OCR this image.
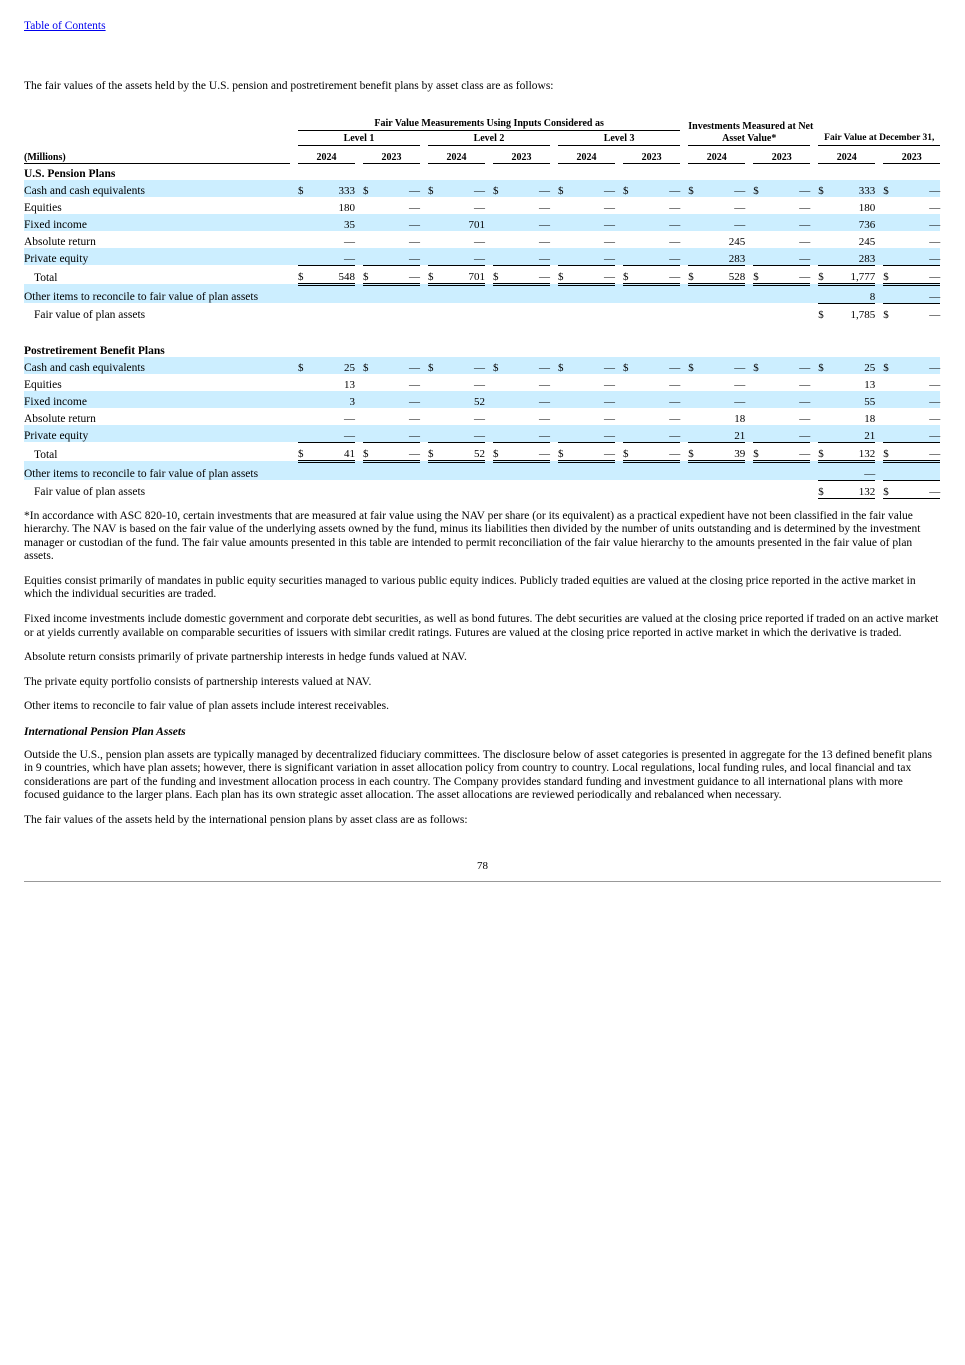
Table of Contents

The fair values of the assets held by the U.S. pension and postretirement benefit plans by asset class are as follows:

		Fair Value Measurements Using Inputs Considered as																		Investments Measured at Net
Asset Value*						Fair Value at December 31,				
		Level 1						Level 2						Level 3																
(Millions)		2024			2023			2024			2023			2024			2023			2024			2023			2024			2023	
U.S. Pension Plans																														
Cash and cash equivalents		$	333		$	—		$	—		$	—		$	—		$	—		$	—		$	—		$	333		$	—
Equities			180			—			—			—			—			—			—			—			180			—
Fixed income			35			—			701			—			—			—			—			—			736			—
Absolute return			—			—			—			—			—			—			245			—			245			—
Private equity			—			—			—			—			—			—			283			—			283			—
Total		$	548		$	—		$	701		$	—		$	—		$	—		$	528		$	—		$	1,777		$	—
Other items to reconcile to fair value of plan assets																											8			—
Fair value of plan assets																										$	1,785		$	—

Postretirement Benefit Plans																														
Cash and cash equivalents		$	25		$	—		$	—		$	—		$	—		$	—		$	—		$	—		$	25		$	—
Equities			13			—			—			—			—			—			—			—			13			—
Fixed income			3			—			52			—			—			—			—			—			55			—
Absolute return			—			—			—			—			—			—			18			—			18			—
Private equity			—			—			—			—			—			—			21			—			21			—
Total		$	41		$	—		$	52		$	—		$	—		$	—		$	39		$	—		$	132		$	—
Other items to reconcile to fair value of plan assets																											—			
Fair value of plan assets																										$	132		$	—

*In accordance with ASC 820-10, certain investments that are measured at fair value using the NAV per share (or its equivalent) as a practical expedient have not been classified in the fair value hierarchy. The NAV is based on the fair value of the underlying assets owned by the fund, minus its liabilities then divided by the number of units outstanding and is determined by the investment manager or custodian of the fund. The fair value amounts presented in this table are intended to permit reconciliation of the fair value hierarchy to the amounts presented in the fair value of plan assets.

Equities consist primarily of mandates in public equity securities managed to various public equity indices. Publicly traded equities are valued at the closing price reported in the active market in which the individual securities are traded.

Fixed income investments include domestic government and corporate debt securities, as well as bond futures. The debt securities are valued at the closing price reported if traded on an active market or at yields currently available on comparable securities of issuers with similar credit ratings. Futures are valued at the closing price reported in active market in which the derivative is traded.

Absolute return consists primarily of private partnership interests in hedge funds valued at NAV.

The private equity portfolio consists of partnership interests valued at NAV.

Other items to reconcile to fair value of plan assets include interest receivables.

International Pension Plan Assets

Outside the U.S., pension plan assets are typically managed by decentralized fiduciary committees. The disclosure below of asset categories is presented in aggregate for the 13 defined benefit plans in 9 countries, which have plan assets; however, there is significant variation in asset allocation policy from country to country. Local regulations, local funding rules, and local financial and tax considerations are part of the funding and investment allocation process in each country. The Company provides standard funding and investment guidance to all international plans with more focused guidance to the larger plans. Each plan has its own strategic asset allocation. The asset allocations are reviewed periodically and rebalanced when necessary.

The fair values of the assets held by the international pension plans by asset class are as follows:

78
